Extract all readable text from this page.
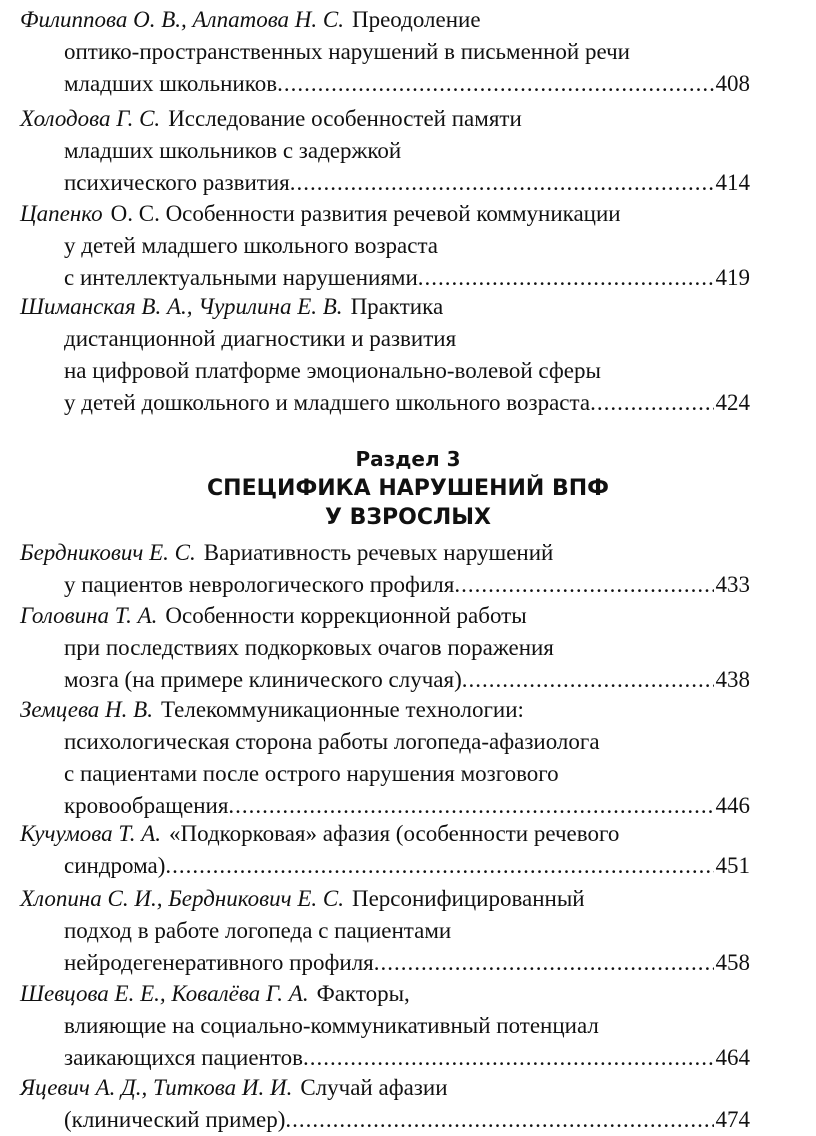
Филиппова О. В., Алпатова Н. С. Преодоление
оптико-пространственных нарушений в письменной речи
младших школьников .....	408
Холодова Г. С. Исследование особенностей памяти
младших школьников с задержкой
психического развития .....	414
Цапенко О. С. Особенности развития речевой коммуникации
у детей младшего школьного возраста
с интеллектуальными нарушениями .....	419
Шиманская В. А., Чурилина Е. В. Практика
дистанционной диагностики и развития
на цифровой платформе эмоционально-волевой сферы
у детей дошкольного и младшего школьного возраста .....	424
Раздел 3
СПЕЦИФИКА НАРУШЕНИЙ ВПФ
У ВЗРОСЛЫХ
Бердникович Е. С. Вариативность речевых нарушений
у пациентов неврологического профиля .....	433
Головина Т. А. Особенности коррекционной работы
при последствиях подкорковых очагов поражения
мозга (на примере клинического случая) .....	438
Земцева Н. В. Телекоммуникационные технологии:
психологическая сторона работы логопеда-афазиолога
с пациентами после острого нарушения мозгового
кровообращения .....	446
Кучумова Т. А. «Подкорковая» афазия (особенности речевого
синдрома) .....	451
Хлопина С. И., Бердникович Е. С. Персонифицированный
подход в работе логопеда с пациентами
нейродегенеративного профиля .....	458
Шевцова Е. Е., Ковалёва Г. А. Факторы,
влияющие на социально-коммуникативный потенциал
заикающихся пациентов .....	464
Яцевич А. Д., Титкова И. И. Случай афазии
(клинический пример) .....	474
